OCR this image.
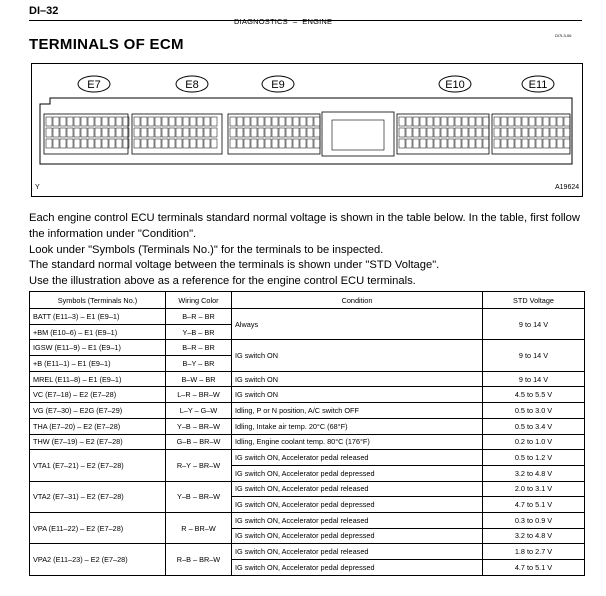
DI–32
DIAGNOSTICS – ENGINE
DI7L3-06
TERMINALS OF ECM
E7	E8	E9	E10	E11
Y	A19624

Each engine control ECU terminals standard normal voltage is shown in the table below. In the table, first follow the information under "Condition".

Look under "Symbols (Terminals No.)" for the terminals to be inspected.

The standard normal voltage between the terminals is shown under "STD Voltage".

Use the illustration above as a reference for the engine control ECU terminals.

Symbols (Terminals No.)	Wiring Color	Condition	STD Voltage
BATT (E11–3) – E1 (E9–1)	B–R – BR	Always	9 to 14 V
+BM (E10–6) – E1 (E9–1)	Y–B – BR		
IGSW (E11–9) – E1 (E9–1)	B–R – BR	IG switch ON	9 to 14 V
+B (E11–1) – E1 (E9–1)	B–Y – BR		
MREL (E11–8) – E1 (E9–1)	B–W – BR	IG switch ON	9 to 14 V
VC (E7–18) – E2 (E7–28)	L–R – BR–W	IG switch ON	4.5 to 5.5 V
VG (E7–30) – E2G (E7–29)	L–Y – G–W	Idling, P or N position, A/C switch OFF	0.5 to 3.0 V
THA (E7–20) – E2 (E7–28)	Y–B – BR–W	Idling, Intake air temp. 20°C (68°F)	0.5 to 3.4 V
THW (E7–19) – E2 (E7–28)	G–B – BR–W	Idling, Engine coolant temp. 80°C (176°F)	0.2 to 1.0 V
VTA1 (E7–21) – E2 (E7–28)	R–Y – BR–W	IG switch ON, Accelerator pedal released	0.5 to 1.2 V
		IG switch ON, Accelerator pedal depressed	3.2 to 4.8 V
VTA2 (E7–31) – E2 (E7–28)	Y–B – BR–W	IG switch ON, Accelerator pedal released	2.0 to 3.1 V
		IG switch ON, Accelerator pedal depressed	4.7 to 5.1 V
VPA (E11–22) – E2 (E7–28)	R – BR–W	IG switch ON, Accelerator pedal released	0.3 to 0.9 V
		IG switch ON, Accelerator pedal depressed	3.2 to 4.8 V
VPA2 (E11–23) – E2 (E7–28)	R–B – BR–W	IG switch ON, Accelerator pedal released	1.8 to 2.7 V
		IG switch ON, Accelerator pedal depressed	4.7 to 5.1 V
